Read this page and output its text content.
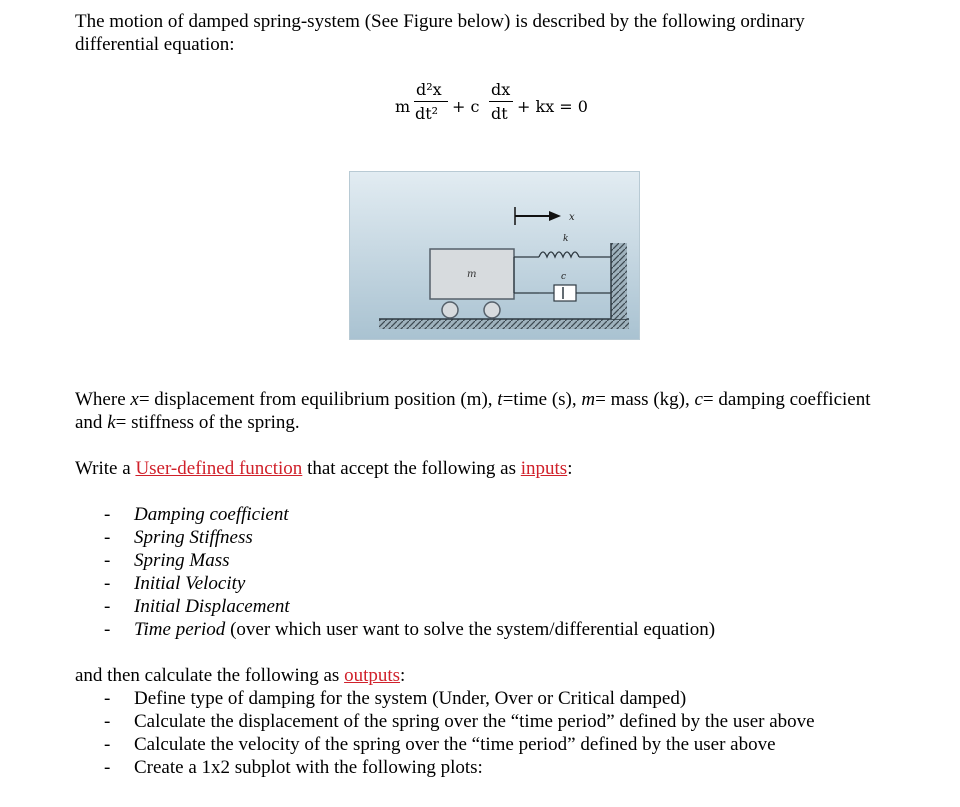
The motion of damped spring-system (See Figure below) is described by the following ordinary

differential equation:

m
d²x
dt² + c
dx
dt + kx = 0
m
k
c
x

Where x= displacement from equilibrium position (m), t=time (s), m= mass (kg), c= damping coefficient

and k= stiffness of the spring.

Write a User-defined function that accept the following as inputs:

- Damping coefficient
- Spring Stiffness
- Spring Mass
- Initial Velocity
- Initial Displacement
- Time period (over which user want to solve the system/differential equation)

and then calculate the following as outputs:

- Define type of damping for the system (Under, Over or Critical damped)
- Calculate the displacement of the spring over the “time period” defined by the user above
- Calculate the velocity of the spring over the “time period” defined by the user above
- Create a 1x2 subplot with the following plots:
